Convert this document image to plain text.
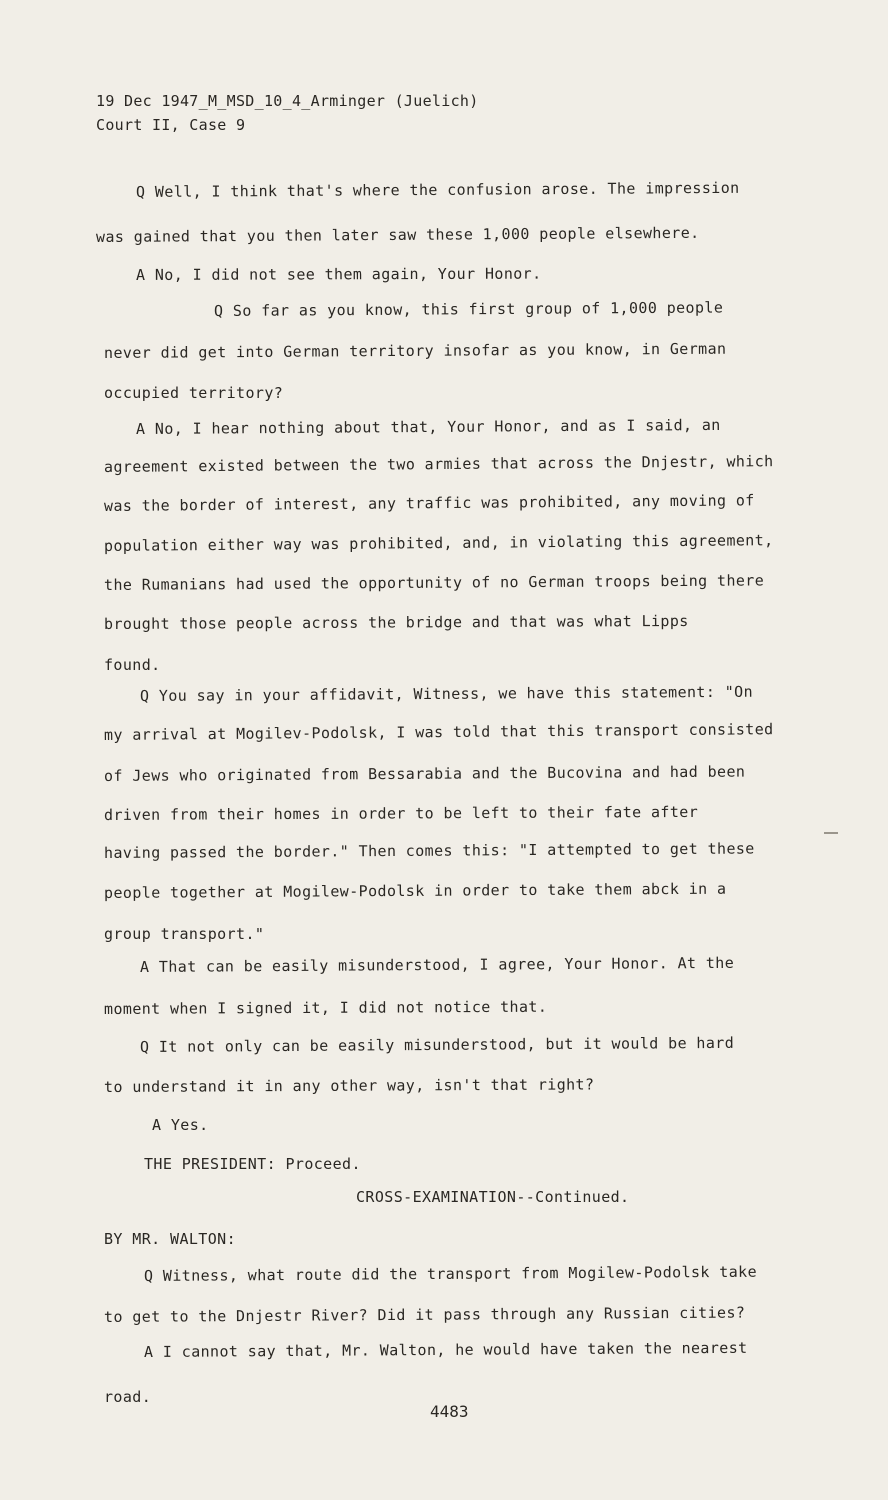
19 Dec 1947_M_MSD_10_4_Arminger (Juelich)
Court II, Case 9
Q Well, I think that's where the confusion arose. The impression
was gained that you then later saw these 1,000 people elsewhere.
A No, I did not see them again, Your Honor.
Q So far as you know, this first group of 1,000 people
never did get into German territory insofar as you know, in German
occupied territory?
A No, I hear nothing about that, Your Honor, and as I said, an
agreement existed between the two armies that across the Dnjestr, which
was the border of interest, any traffic was prohibited, any moving of
population either way was prohibited, and, in violating this agreement,
the Rumanians had used the opportunity of no German troops being there
brought those people across the bridge and that was what Lipps
found.
Q You say in your affidavit, Witness, we have this statement: "On
my arrival at Mogilev-Podolsk, I was told that this transport consisted
of Jews who originated from Bessarabia and the Bucovina and had been
driven from their homes in order to be left to their fate after
having passed the border." Then comes this: "I attempted to get these
people together at Mogilew-Podolsk in order to take them abck in a
group transport."
A That can be easily misunderstood, I agree, Your Honor. At the
moment when I signed it, I did not notice that.
Q It not only can be easily misunderstood, but it would be hard
to understand it in any other way, isn't that right?
A Yes.
THE PRESIDENT: Proceed.
CROSS-EXAMINATION--Continued.
BY MR. WALTON:
Q Witness, what route did the transport from Mogilew-Podolsk take
to get to the Dnjestr River? Did it pass through any Russian cities?
A I cannot say that, Mr. Walton, he would have taken the nearest
road.
4483
